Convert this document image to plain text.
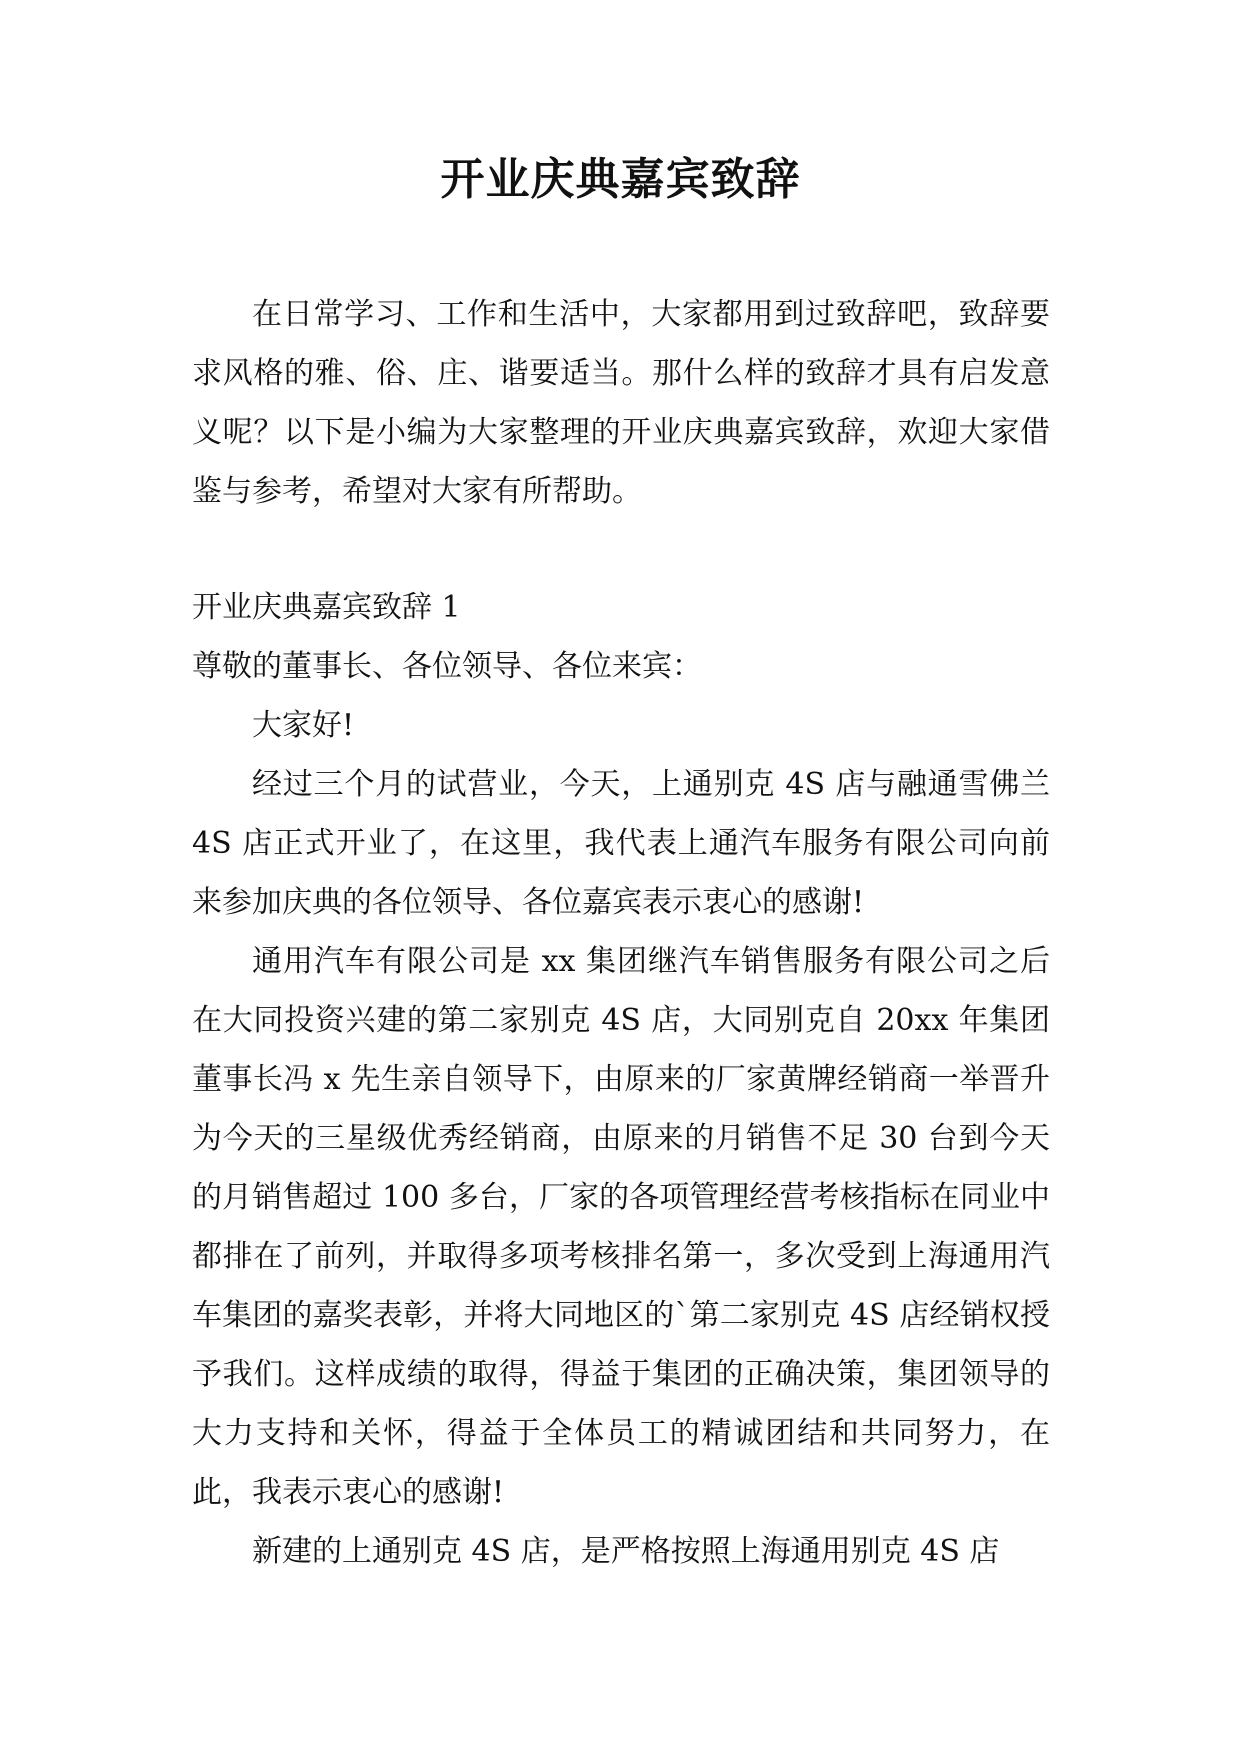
开业庆典嘉宾致辞

在日常学习、工作和生活中，大家都用到过致辞吧，致辞要求风格的雅、俗、庄、谐要适当。那什么样的致辞才具有启发意义呢？以下是小编为大家整理的开业庆典嘉宾致辞，欢迎大家借鉴与参考，希望对大家有所帮助。

开业庆典嘉宾致辞 1

尊敬的董事长、各位领导、各位来宾：

大家好!

经过三个月的试营业，今天，上通别克 4S 店与融通雪佛兰 4S 店正式开业了，在这里，我代表上通汽车服务有限公司向前来参加庆典的各位领导、各位嘉宾表示衷心的感谢!

通用汽车有限公司是 xx 集团继汽车销售服务有限公司之后在大同投资兴建的第二家别克 4S 店，大同别克自 20xx 年集团董事长冯 x 先生亲自领导下，由原来的厂家黄牌经销商一举晋升为今天的三星级优秀经销商，由原来的月销售不足 30 台到今天的月销售超过 100 多台，厂家的各项管理经营考核指标在同业中都排在了前列，并取得多项考核排名第一，多次受到上海通用汽车集团的嘉奖表彰，并将大同地区的`第二家别克 4S 店经销权授予我们。这样成绩的取得，得益于集团的正确决策，集团领导的大力支持和关怀，得益于全体员工的精诚团结和共同努力，在此，我表示衷心的感谢!

新建的上通别克 4S 店，是严格按照上海通用别克 4S 店
